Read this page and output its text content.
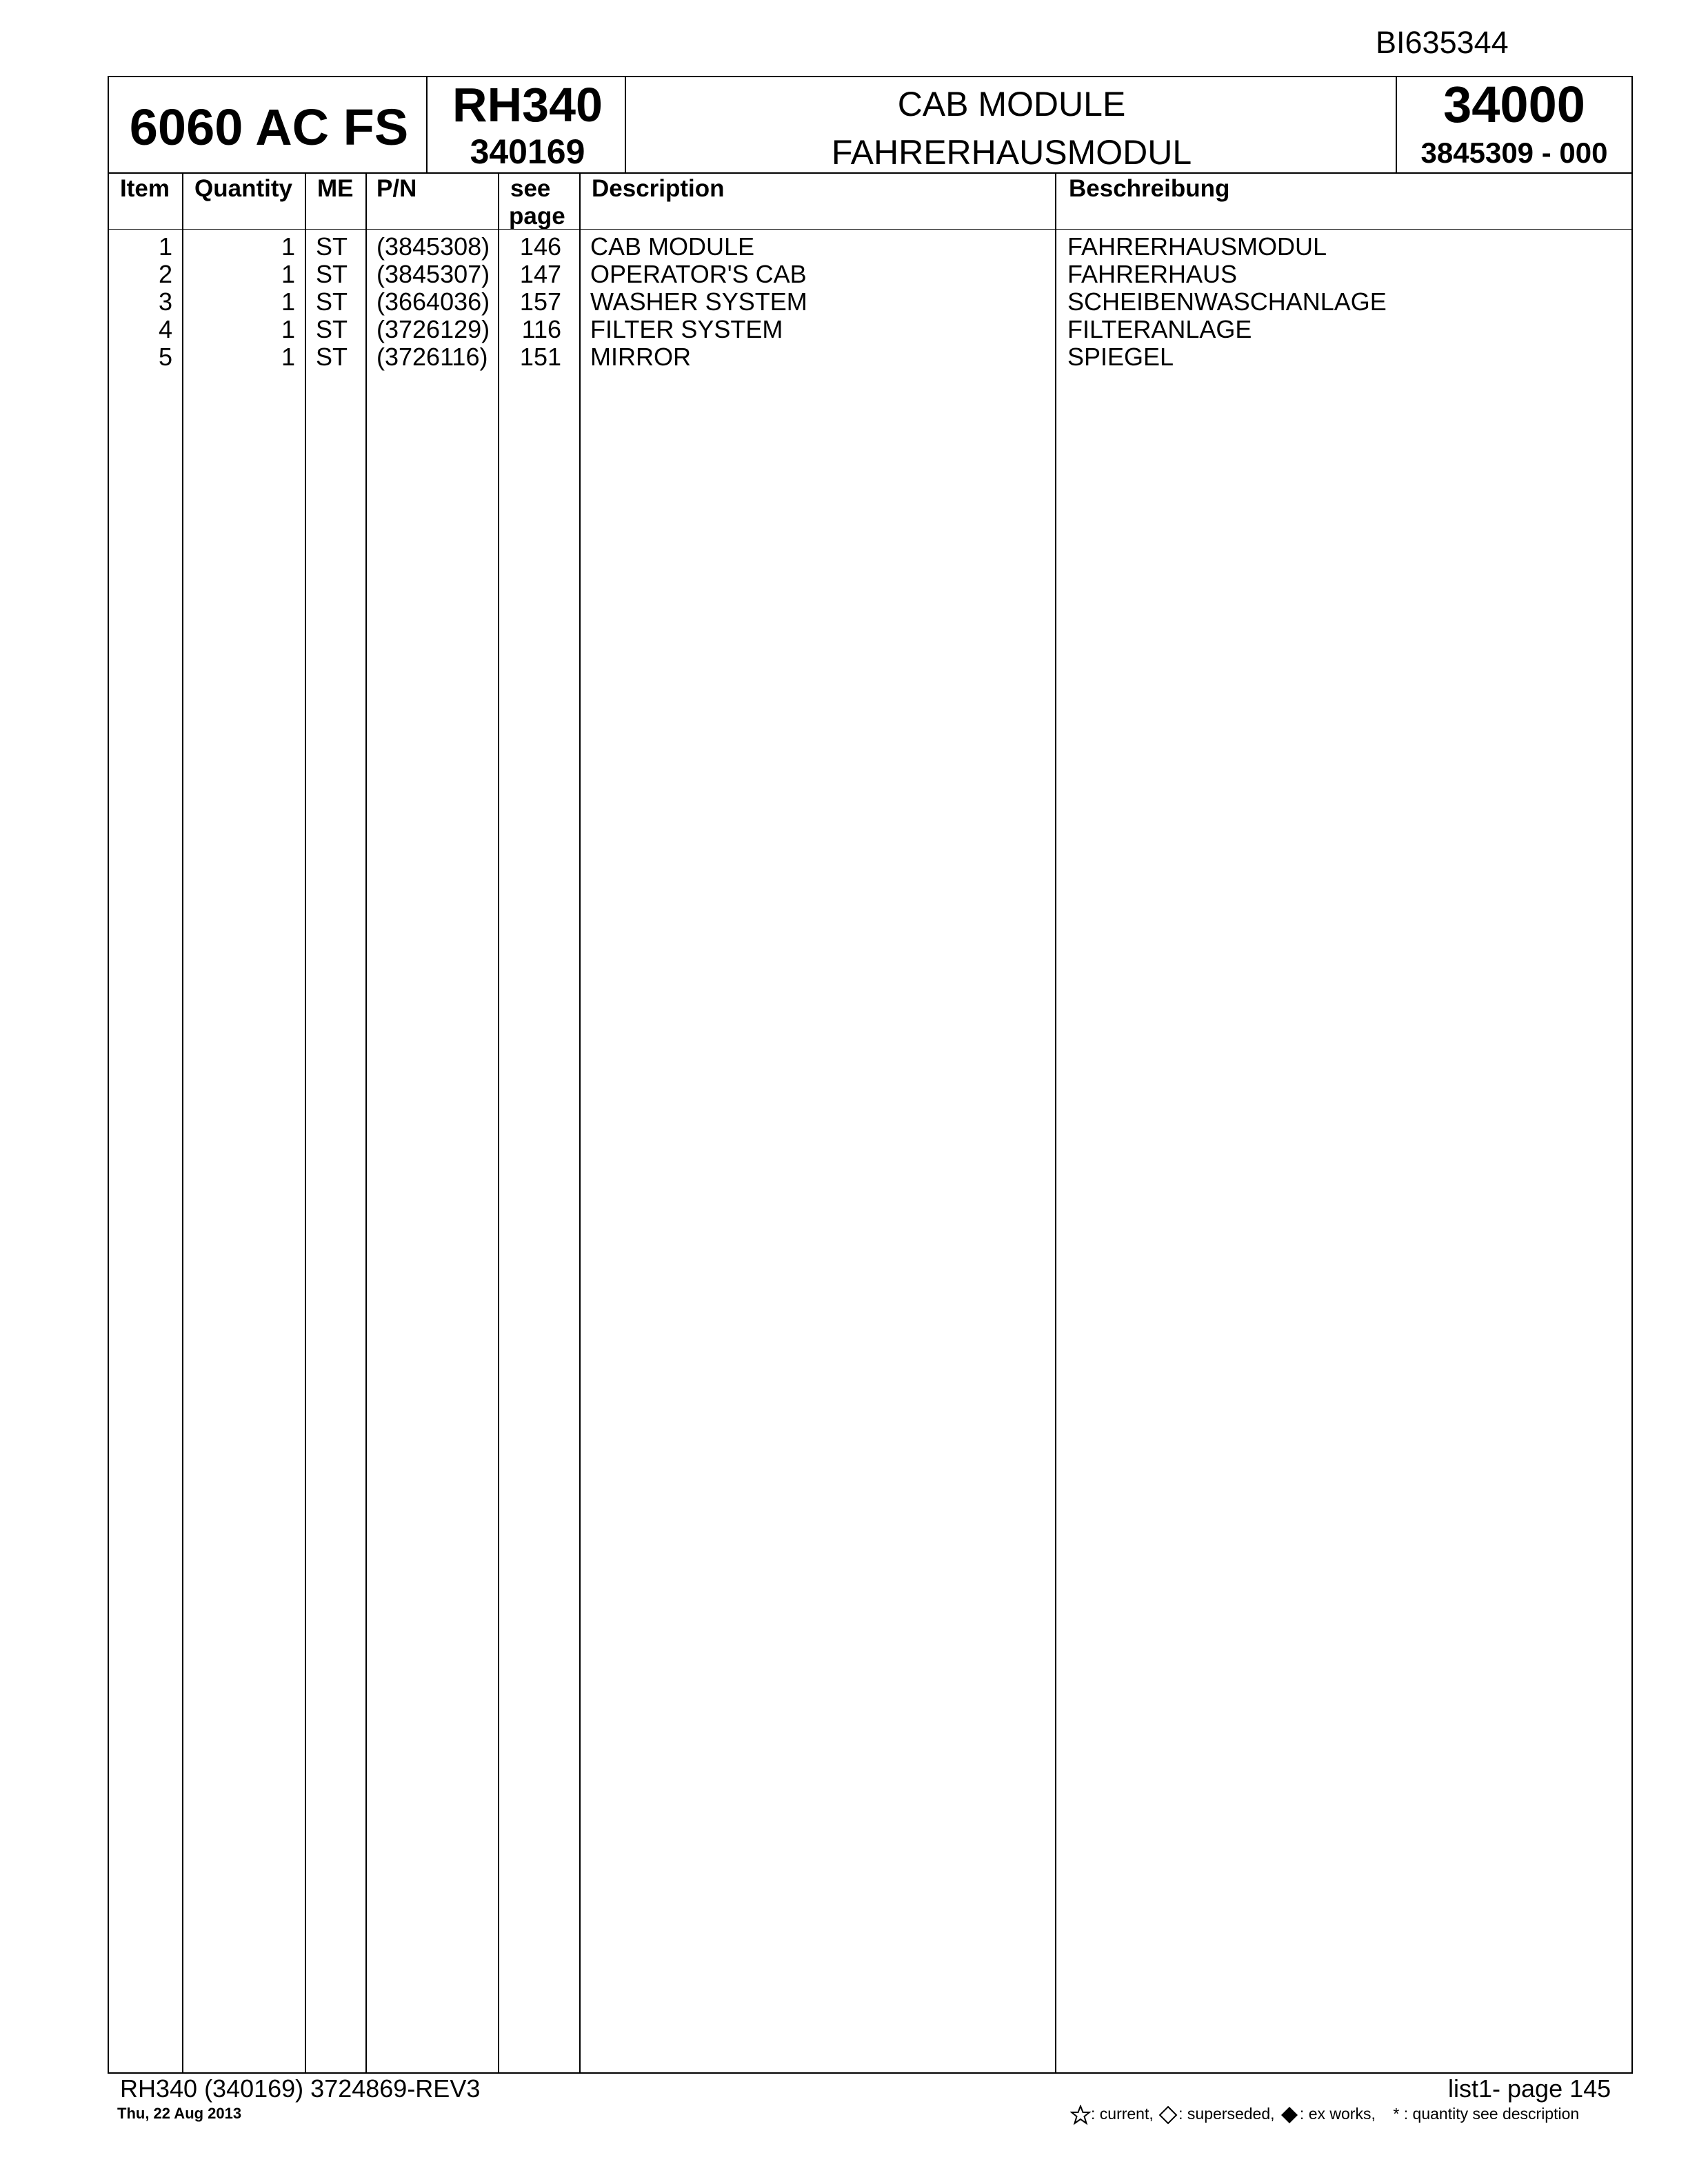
BI635344
6060 AC FS RH340
340169
CAB MODULE
FAHRERHAUSMODUL
34000
3845309 - 000
Item Quantity ME P/N	see
page
Description	Beschreibung
1	1 ST (3845308)	146 CAB MODULE	FAHRERHAUSMODUL
2	1 ST (3845307)	147 OPERATOR'S CAB	FAHRERHAUS
3	1 ST (3664036)	157 WASHER SYSTEM	SCHEIBENWASCHANLAGE
4	1 ST (3726129)	116 FILTER SYSTEM	FILTERANLAGE
5	1 ST (3726116)	151 MIRROR	SPIEGEL
RH340 (340169) 3724869-REV3
Thu, 22 Aug 2013
list1- page 145
: current, : superseded, : ex works, * : quantity see description
